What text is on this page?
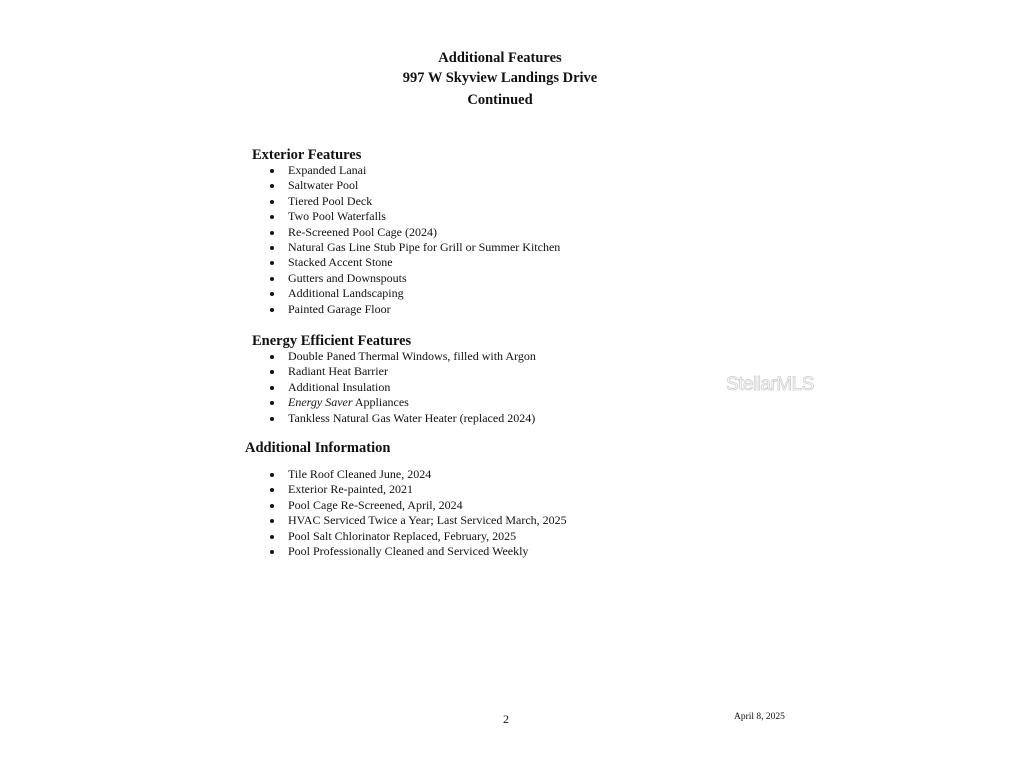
Additional Features
997 W Skyview Landings Drive
Continued
Exterior Features
Expanded Lanai
Saltwater Pool
Tiered Pool Deck
Two Pool Waterfalls
Re-Screened Pool Cage (2024)
Natural Gas Line Stub Pipe for Grill or Summer Kitchen
Stacked Accent Stone
Gutters and Downspouts
Additional Landscaping
Painted Garage Floor
Energy Efficient Features
Double Paned Thermal Windows, filled with Argon
Radiant Heat Barrier
Additional Insulation
Energy Saver Appliances
Tankless Natural Gas Water Heater (replaced 2024)
Additional Information
Tile Roof Cleaned June, 2024
Exterior Re-painted, 2021
Pool Cage Re-Screened, April, 2024
HVAC Serviced Twice a Year; Last Serviced March, 2025
Pool Salt Chlorinator Replaced, February, 2025
Pool Professionally Cleaned and Serviced Weekly
StellarMLS
2	April 8, 2025
